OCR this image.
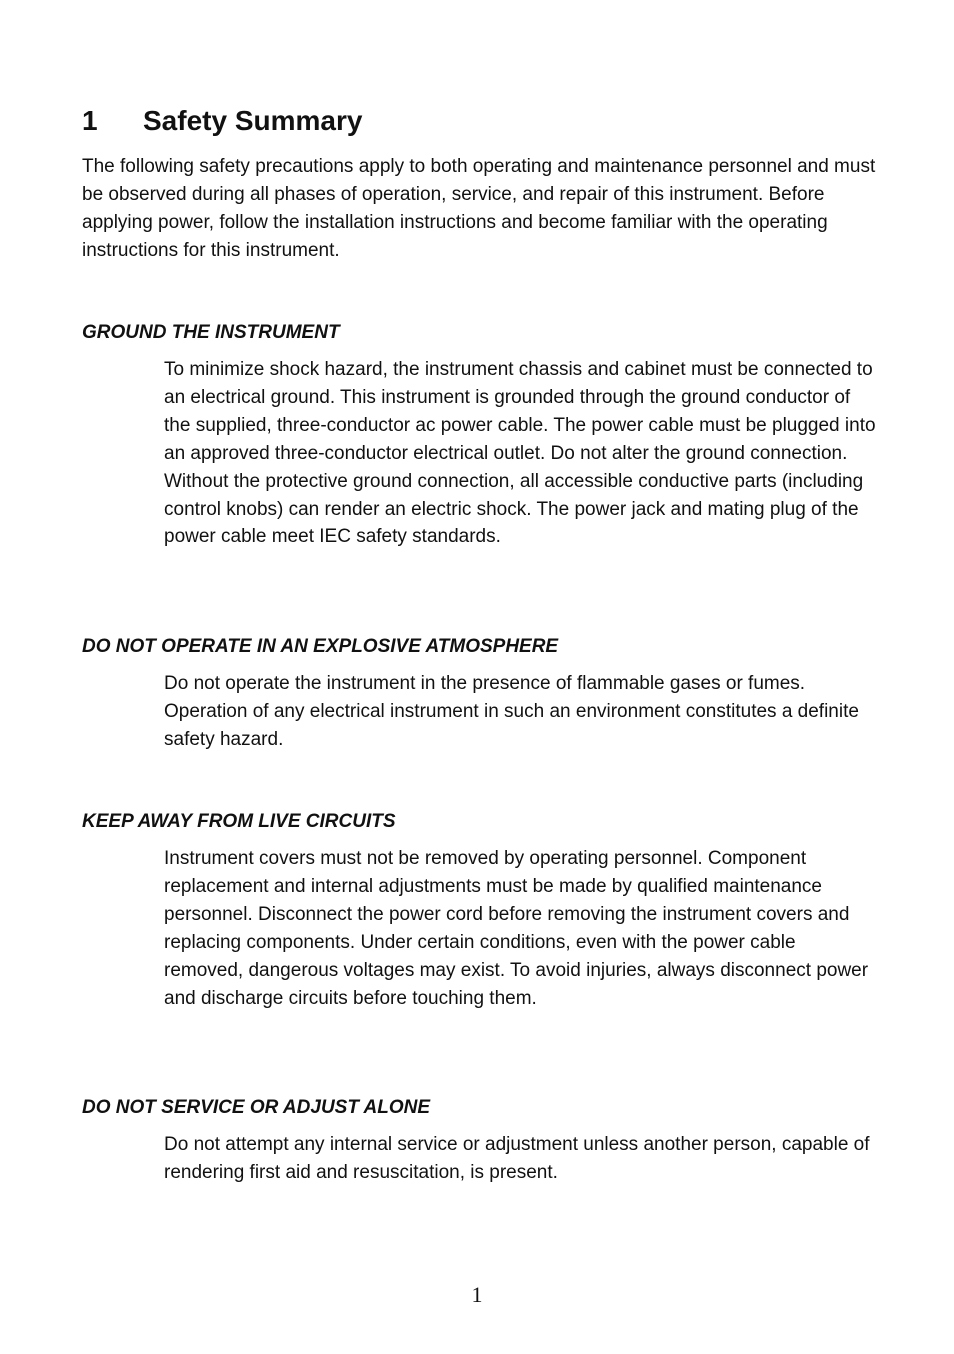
1 Safety Summary

The following safety precautions apply to both operating and maintenance personnel and must be observed during all phases of operation, service, and repair of this instrument. Before applying power, follow the installation instructions and become familiar with the operating instructions for this instrument.

GROUND THE INSTRUMENT

To minimize shock hazard, the instrument chassis and cabinet must be connected to an electrical ground. This instrument is grounded through the ground conductor of the supplied, three-conductor ac power cable. The power cable must be plugged into an approved three-conductor electrical outlet. Do not alter the ground connection. Without the protective ground connection, all accessible conductive parts (including control knobs) can render an electric shock. The power jack and mating plug of the power cable meet IEC safety standards.

DO NOT OPERATE IN AN EXPLOSIVE ATMOSPHERE

Do not operate the instrument in the presence of flammable gases or fumes. Operation of any electrical instrument in such an environment constitutes a definite safety hazard.

KEEP AWAY FROM LIVE CIRCUITS

Instrument covers must not be removed by operating personnel. Component replacement and internal adjustments must be made by qualified maintenance personnel. Disconnect the power cord before removing the instrument covers and replacing components. Under certain conditions, even with the power cable removed, dangerous voltages may exist. To avoid injuries, always disconnect power and discharge circuits before touching them.

DO NOT SERVICE OR ADJUST ALONE

Do not attempt any internal service or adjustment unless another person, capable of rendering first aid and resuscitation, is present.

1
